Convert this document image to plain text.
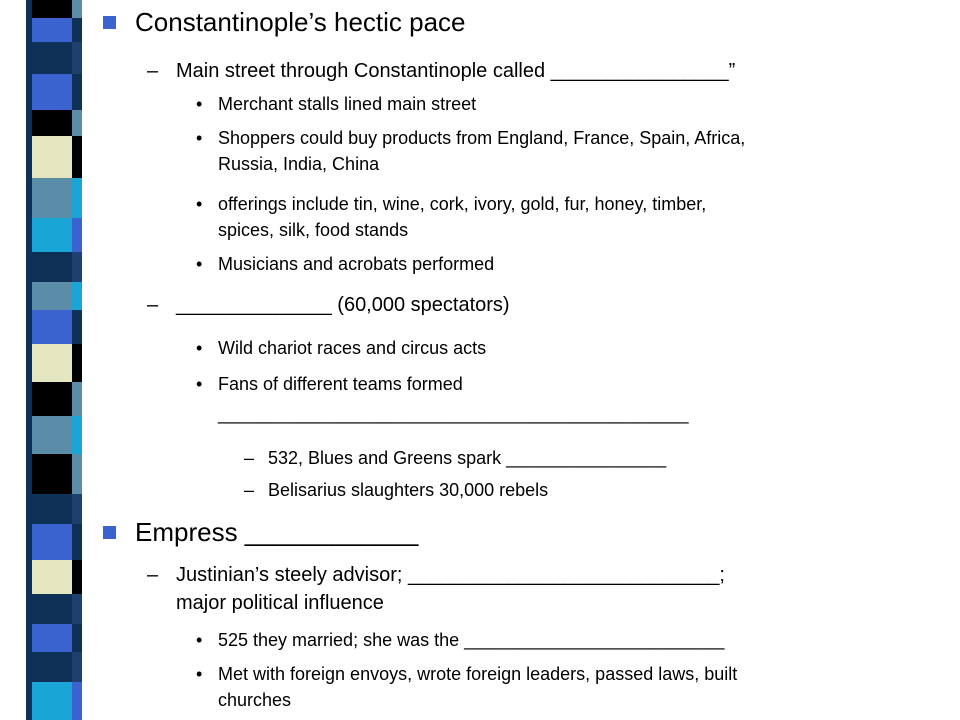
Constantinople’s hectic pace
– Main street through Constantinople called ________________”
• Merchant stalls lined main street
• Shoppers could buy products from England, France, Spain, Africa,
Russia, India, China
• offerings include tin, wine, cork, ivory, gold, fur, honey, timber,
spices, silk, food stands
• Musicians and acrobats performed
– ______________ (60,000 spectators)
• Wild chariot races and circus acts
• Fans of different teams formed
_______________________________________________
– 532, Blues and Greens spark ________________
– Belisarius slaughters 30,000 rebels
Empress ____________
– Justinian’s steely advisor; ____________________________;
major political influence
• 525 they married; she was the __________________________
• Met with foreign envoys, wrote foreign leaders, passed laws, built
churches
